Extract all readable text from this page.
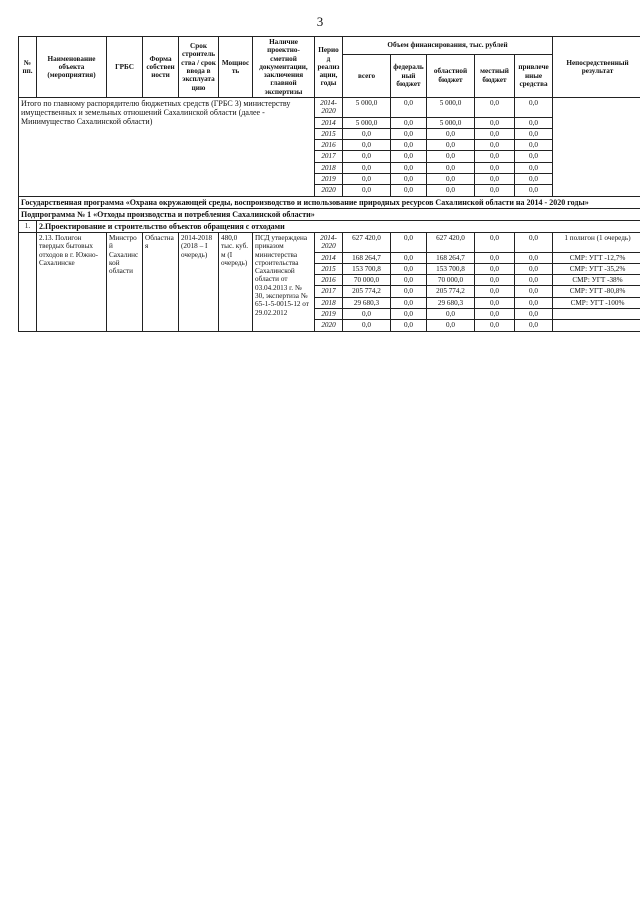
3
№ пп.	Наименование объекта (мероприятия)	ГРБС	Форма собственности	Срок строительства / срок ввода в эксплуатацию	Мощность	Наличие проектно-сметной документации, заключения главной экспертизы	Период реализации, годы	Объем финансирования, тыс. рублей					Непосредственный результат
								всего	федеральный бюджет	областной бюджет	местный бюджет	привлеченные средства	
Итого по главному распорядителю бюджетных средств (ГРБС 3) министерству имущественных и земельных отношений Сахалинской области (далее - Минимущество Сахалинской области)							2014-2020	5 000,0	0,0	5 000,0	0,0	0,0	
							2014	5 000,0	0,0	5 000,0	0,0	0,0	
							2015	0,0	0,0	0,0	0,0	0,0	
							2016	0,0	0,0	0,0	0,0	0,0	
							2017	0,0	0,0	0,0	0,0	0,0	
							2018	0,0	0,0	0,0	0,0	0,0	
							2019	0,0	0,0	0,0	0,0	0,0	
							2020	0,0	0,0	0,0	0,0	0,0	
Государственная программа «Охрана окружающей среды, воспроизводство и использование природных ресурсов Сахалинской области на 2014 - 2020 годы»													
Подпрограмма № 1 «Отходы производства и потребления Сахалинской области»													
1.	2.Проектирование и строительство объектов обращения с отходами												
	2.13. Полигон твердых бытовых отходов в г. Южно-Сахалинске	Минстрой Сахалинской области	Областная	2014-2018 (2018 – I очередь)	480,0 тыс. куб. м (I очередь)	ПСД утверждена приказом министерства строительства Сахалинской области от 03.04.2013 г. № 30, экспертиза № 65-1-5-0015-12 от 29.02.2012	2014-2020	627 420,0	0,0	627 420,0	0,0	0,0	1 полигон (1 очередь)
							2014	168 264,7	0,0	168 264,7	0,0	0,0	СМР: УГТ -12,7%
							2015	153 700,8	0,0	153 700,8	0,0	0,0	СМР: УГТ -35,2%
							2016	70 000,0	0,0	70 000,0	0,0	0,0	СМР: УГТ -38%
							2017	205 774,2	0,0	205 774,2	0,0	0,0	СМР: УГТ -80,8%
							2018	29 680,3	0,0	29 680,3	0,0	0,0	СМР: УГТ -100%
							2019	0,0	0,0	0,0	0,0	0,0	
							2020	0,0	0,0	0,0	0,0	0,0	
